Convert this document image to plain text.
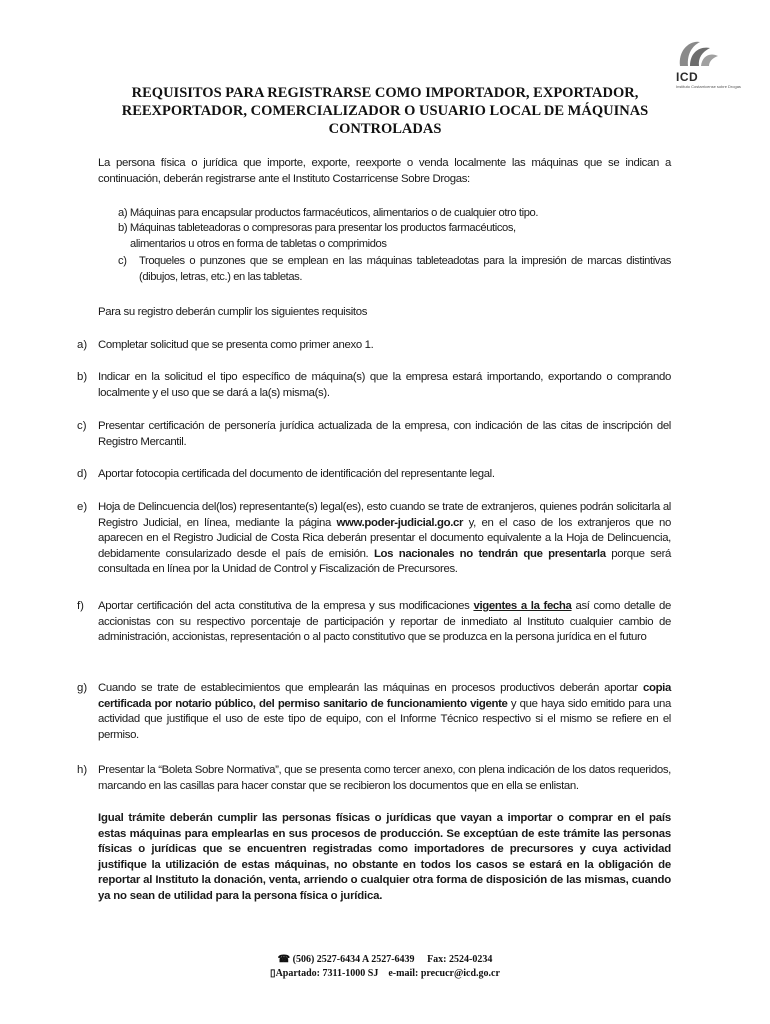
ICD
Instituto Costarricense sobre Drogas
REQUISITOS PARA REGISTRARSE COMO IMPORTADOR, EXPORTADOR, REEXPORTADOR, COMERCIALIZADOR O USUARIO LOCAL DE MÁQUINAS CONTROLADAS
La persona física o jurídica que importe, exporte, reexporte o venda localmente las máquinas que se indican a continuación, deberán registrarse ante el Instituto Costarricense Sobre Drogas:
a) Máquinas para encapsular productos farmacéuticos, alimentarios o de cualquier otro tipo.
b) Máquinas tableteadoras o compresoras para presentar los productos farmacéuticos,
alimentarios u otros en forma de tabletas o comprimidos
c) Troqueles o punzones que se emplean en las máquinas tableteadotas para la impresión de marcas distintivas (dibujos, letras, etc.) en las tabletas.
Para su registro deberán cumplir los siguientes requisitos
a) Completar solicitud que se presenta como primer anexo 1.
b) Indicar en la solicitud el tipo específico de máquina(s) que la empresa estará importando, exportando o comprando localmente y el uso que se dará a la(s) misma(s).
c) Presentar certificación de personería jurídica actualizada de la empresa, con indicación de las citas de inscripción del Registro Mercantil.
d) Aportar fotocopia certificada del documento de identificación del representante legal.
e) Hoja de Delincuencia del(los) representante(s) legal(es), esto cuando se trate de extranjeros, quienes podrán solicitarla al Registro Judicial, en línea, mediante la página www.poder-judicial.go.cr y, en el caso de los extranjeros que no aparecen en el Registro Judicial de Costa Rica deberán presentar el documento equivalente a la Hoja de Delincuencia, debidamente consularizado desde el país de emisión. Los nacionales no tendrán que presentarla porque será consultada en línea por la Unidad de Control y Fiscalización de Precursores.
f) Aportar certificación del acta constitutiva de la empresa y sus modificaciones vigentes a la fecha así como detalle de accionistas con su respectivo porcentaje de participación y reportar de inmediato al Instituto cualquier cambio de administración, accionistas, representación o al pacto constitutivo que se produzca en la persona jurídica en el futuro
g) Cuando se trate de establecimientos que emplearán las máquinas en procesos productivos deberán aportar copia certificada por notario público, del permiso sanitario de funcionamiento vigente y que haya sido emitido para una actividad que justifique el uso de este tipo de equipo, con el Informe Técnico respectivo si el mismo se refiere en el permiso.
h) Presentar la “Boleta Sobre Normativa”, que se presenta como tercer anexo, con plena indicación de los datos requeridos, marcando en las casillas para hacer constar que se recibieron los documentos que en ella se enlistan.
Igual trámite deberán cumplir las personas físicas o jurídicas que vayan a importar o comprar en el país estas máquinas para emplearlas en sus procesos de producción. Se exceptúan de este trámite las personas físicas o jurídicas que se encuentren registradas como importadores de precursores y cuya actividad justifique la utilización de estas máquinas, no obstante en todos los casos se estará en la obligación de reportar al Instituto la donación, venta, arriendo o cualquier otra forma de disposición de las mismas, cuando ya no sean de utilidad para la persona física o jurídica.
☎ (506) 2527-6434 A 2527-6439 Fax: 2524-0234
▯Apartado: 7311-1000 SJ e-mail: precucr@icd.go.cr
